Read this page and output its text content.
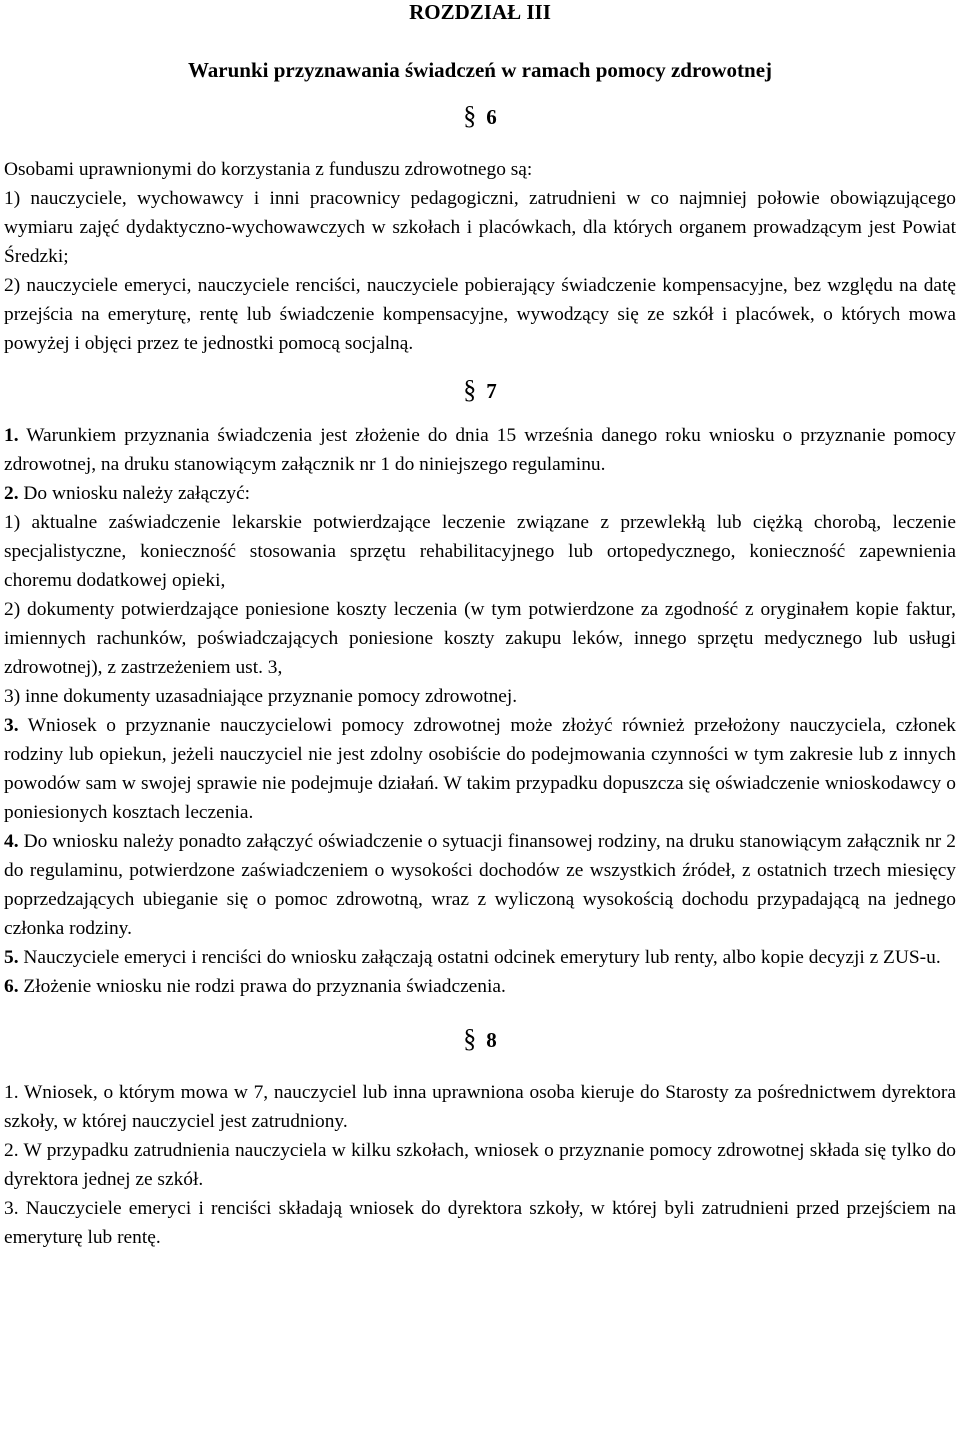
ROZDZIAŁ III
Warunki przyznawania świadczeń w ramach pomocy zdrowotnej
§ 6

Osobami uprawnionymi do korzystania z funduszu zdrowotnego są:

1) nauczyciele, wychowawcy i inni pracownicy pedagogiczni, zatrudnieni w co najmniej połowie obowiązującego wymiaru zajęć dydaktyczno-wychowawczych w szkołach i placówkach, dla których organem prowadzącym jest Powiat Średzki;

2) nauczyciele emeryci, nauczyciele renciści, nauczyciele pobierający świadczenie kompensacyjne, bez względu na datę przejścia na emeryturę, rentę lub świadczenie kompensacyjne, wywodzący się ze szkół i placówek, o których mowa powyżej i objęci przez te jednostki pomocą socjalną.

§ 7

1. Warunkiem przyznania świadczenia jest złożenie do dnia 15 września danego roku wniosku o przyznanie pomocy zdrowotnej, na druku stanowiącym załącznik nr 1 do niniejszego regulaminu.

2. Do wniosku należy załączyć:

1) aktualne zaświadczenie lekarskie potwierdzające leczenie związane z przewlekłą lub ciężką chorobą, leczenie specjalistyczne, konieczność stosowania sprzętu rehabilitacyjnego lub ortopedycznego, konieczność zapewnienia choremu dodatkowej opieki,

2) dokumenty potwierdzające poniesione koszty leczenia (w tym potwierdzone za zgodność z oryginałem kopie faktur, imiennych rachunków, poświadczających poniesione koszty zakupu leków, innego sprzętu medycznego lub usługi zdrowotnej), z zastrzeżeniem ust. 3,

3) inne dokumenty uzasadniające przyznanie pomocy zdrowotnej.

3. Wniosek o przyznanie nauczycielowi pomocy zdrowotnej może złożyć również przełożony nauczyciela, członek rodziny lub opiekun, jeżeli nauczyciel nie jest zdolny osobiście do podejmowania czynności w tym zakresie lub z innych powodów sam w swojej sprawie nie podejmuje działań. W takim przypadku dopuszcza się oświadczenie wnioskodawcy o poniesionych kosztach leczenia.

4. Do wniosku należy ponadto załączyć oświadczenie o sytuacji finansowej rodziny, na druku stanowiącym załącznik nr 2 do regulaminu, potwierdzone zaświadczeniem o wysokości dochodów ze wszystkich źródeł, z ostatnich trzech miesięcy poprzedzających ubieganie się o pomoc zdrowotną, wraz z wyliczoną wysokością dochodu przypadającą na jednego członka rodziny.

5. Nauczyciele emeryci i renciści do wniosku załączają ostatni odcinek emerytury lub renty, albo kopie decyzji z ZUS-u.

6. Złożenie wniosku nie rodzi prawa do przyznania świadczenia.

§ 8

1. Wniosek, o którym mowa w 7, nauczyciel lub inna uprawniona osoba kieruje do Starosty za pośrednictwem dyrektora szkoły, w której nauczyciel jest zatrudniony.

2. W przypadku zatrudnienia nauczyciela w kilku szkołach, wniosek o przyznanie pomocy zdrowotnej składa się tylko do dyrektora jednej ze szkół.

3. Nauczyciele emeryci i renciści składają wniosek do dyrektora szkoły, w której byli zatrudnieni przed przejściem na emeryturę lub rentę.
